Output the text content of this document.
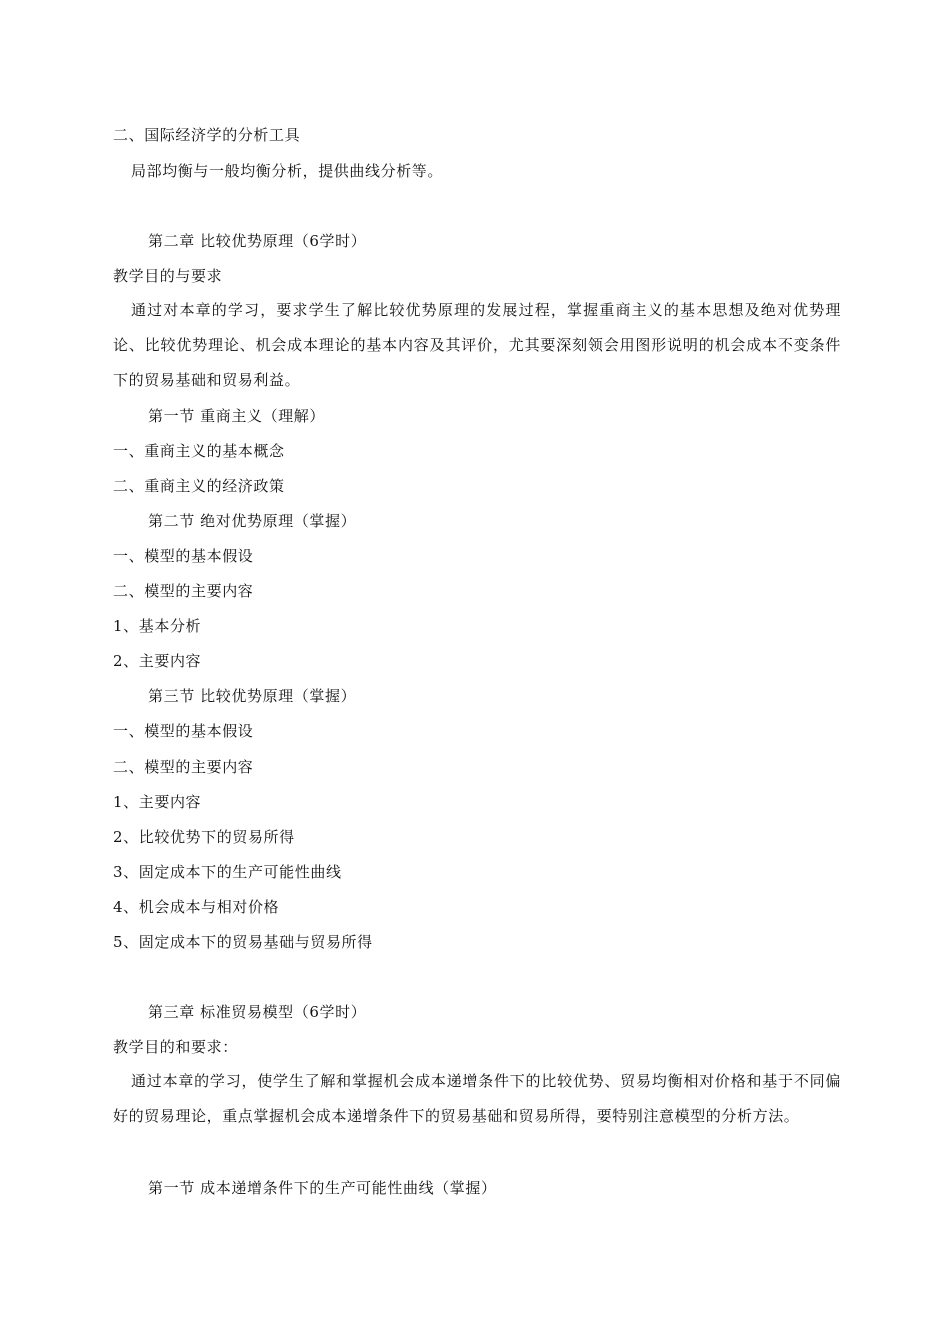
二、国际经济学的分析工具
局部均衡与一般均衡分析，提供曲线分析等。
第二章 比较优势原理（6学时）
教学目的与要求
通过对本章的学习，要求学生了解比较优势原理的发展过程，掌握重商主义的基本思想及绝对优势理论、比较优势理论、机会成本理论的基本内容及其评价，尤其要深刻领会用图形说明的机会成本不变条件下的贸易基础和贸易利益。
第一节 重商主义（理解）
一、重商主义的基本概念
二、重商主义的经济政策
第二节 绝对优势原理（掌握）
一、模型的基本假设
二、模型的主要内容
1、基本分析
2、主要内容
第三节 比较优势原理（掌握）
一、模型的基本假设
二、模型的主要内容
1、主要内容
2、比较优势下的贸易所得
3、固定成本下的生产可能性曲线
4、机会成本与相对价格
5、固定成本下的贸易基础与贸易所得
第三章 标准贸易模型（6学时）
教学目的和要求：
通过本章的学习，使学生了解和掌握机会成本递增条件下的比较优势、贸易均衡相对价格和基于不同偏好的贸易理论，重点掌握机会成本递增条件下的贸易基础和贸易所得，要特别注意模型的分析方法。
第一节 成本递增条件下的生产可能性曲线（掌握）
